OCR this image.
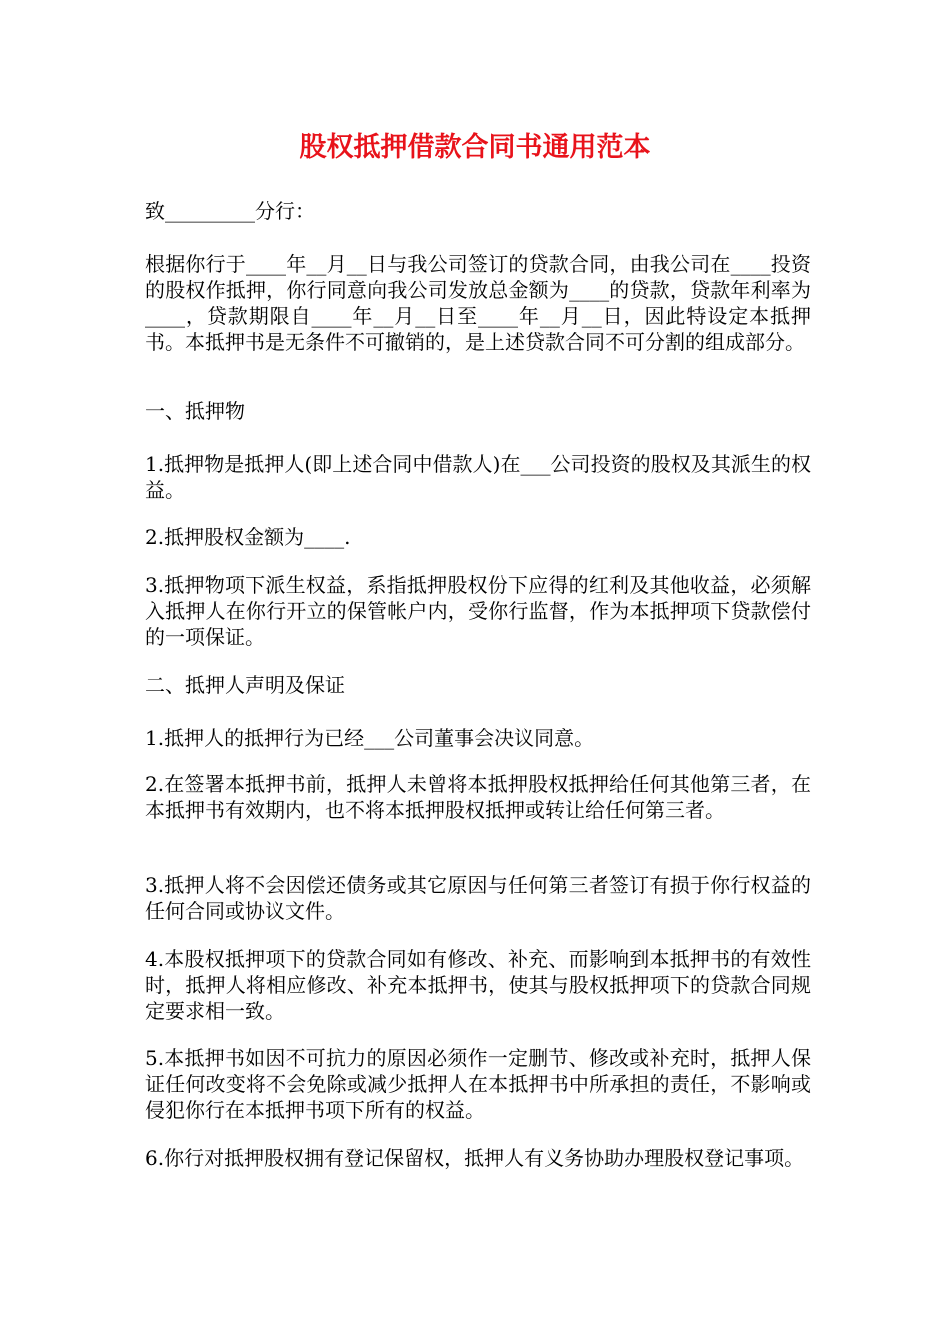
股权抵押借款合同书通用范本

致_________分行：

根据你行于____年__月__日与我公司签订的贷款合同，由我公司在____投资的股权作抵押，你行同意向我公司发放总金额为____的贷款，贷款年利率为____，贷款期限自____年__月__日至____年__月__日，因此特设定本抵押书。本抵押书是无条件不可撤销的，是上述贷款合同不可分割的组成部分。

一、抵押物

1.抵押物是抵押人(即上述合同中借款人)在___公司投资的股权及其派生的权益。

2.抵押股权金额为____.

3.抵押物项下派生权益，系指抵押股权份下应得的红利及其他收益，必须解入抵押人在你行开立的保管帐户内，受你行监督，作为本抵押项下贷款偿付的一项保证。

二、抵押人声明及保证

1.抵押人的抵押行为已经___公司董事会决议同意。

2.在签署本抵押书前，抵押人未曾将本抵押股权抵押给任何其他第三者，在本抵押书有效期内，也不将本抵押股权抵押或转让给任何第三者。

3.抵押人将不会因偿还债务或其它原因与任何第三者签订有损于你行权益的任何合同或协议文件。

4.本股权抵押项下的贷款合同如有修改、补充、而影响到本抵押书的有效性时，抵押人将相应修改、补充本抵押书，使其与股权抵押项下的贷款合同规定要求相一致。

5.本抵押书如因不可抗力的原因必须作一定删节、修改或补充时，抵押人保证任何改变将不会免除或减少抵押人在本抵押书中所承担的责任，不影响或侵犯你行在本抵押书项下所有的权益。

6.你行对抵押股权拥有登记保留权，抵押人有义务协助办理股权登记事项。
